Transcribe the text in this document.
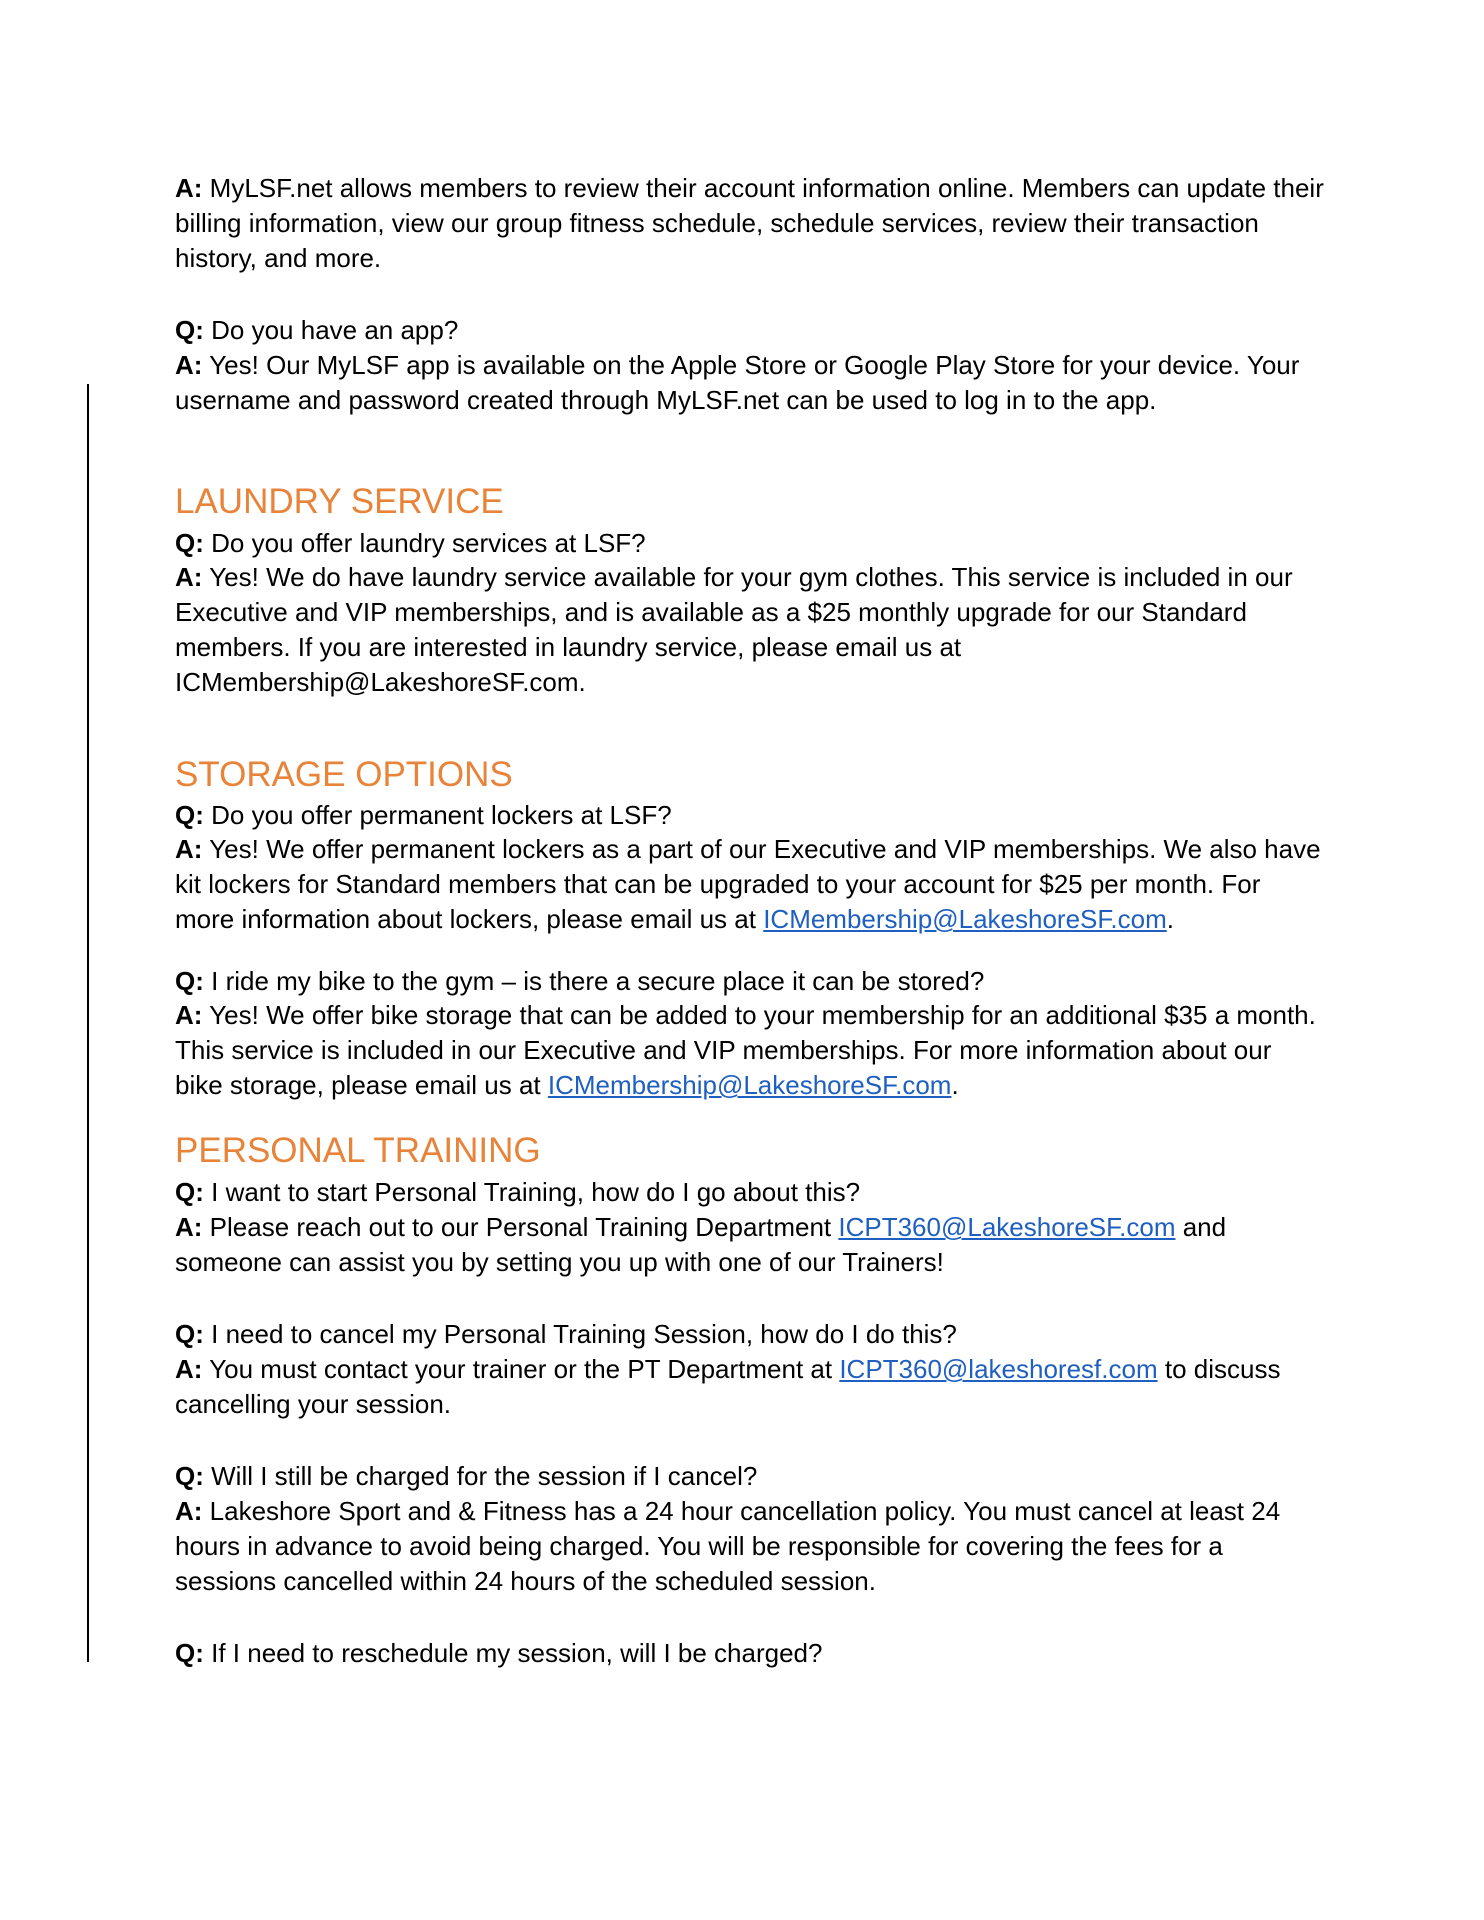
A: MyLSF.net allows members to review their account information online. Members can update their billing information, view our group fitness schedule, schedule services, review their transaction history, and more.
Q: Do you have an app?
A: Yes! Our MyLSF app is available on the Apple Store or Google Play Store for your device. Your username and password created through MyLSF.net can be used to log in to the app.
LAUNDRY SERVICE
Q: Do you offer laundry services at LSF?
A: Yes! We do have laundry service available for your gym clothes. This service is included in our Executive and VIP memberships, and is available as a $25 monthly upgrade for our Standard members. If you are interested in laundry service, please email us at ICMembership@LakeshoreSF.com.
STORAGE OPTIONS
Q: Do you offer permanent lockers at LSF?
A: Yes! We offer permanent lockers as a part of our Executive and VIP memberships. We also have kit lockers for Standard members that can be upgraded to your account for $25 per month. For more information about lockers, please email us at ICMembership@LakeshoreSF.com.
Q: I ride my bike to the gym – is there a secure place it can be stored?
A: Yes! We offer bike storage that can be added to your membership for an additional $35 a month. This service is included in our Executive and VIP memberships. For more information about our bike storage, please email us at ICMembership@LakeshoreSF.com.
PERSONAL TRAINING
Q: I want to start Personal Training, how do I go about this?
A: Please reach out to our Personal Training Department ICPT360@LakeshoreSF.com and someone can assist you by setting you up with one of our Trainers!
Q: I need to cancel my Personal Training Session, how do I do this?
A: You must contact your trainer or the PT Department at ICPT360@lakeshoresf.com to discuss cancelling your session.
Q: Will I still be charged for the session if I cancel?
A: Lakeshore Sport and & Fitness has a 24 hour cancellation policy. You must cancel at least 24 hours in advance to avoid being charged. You will be responsible for covering the fees for a sessions cancelled within 24 hours of the scheduled session.
Q: If I need to reschedule my session, will I be charged?
